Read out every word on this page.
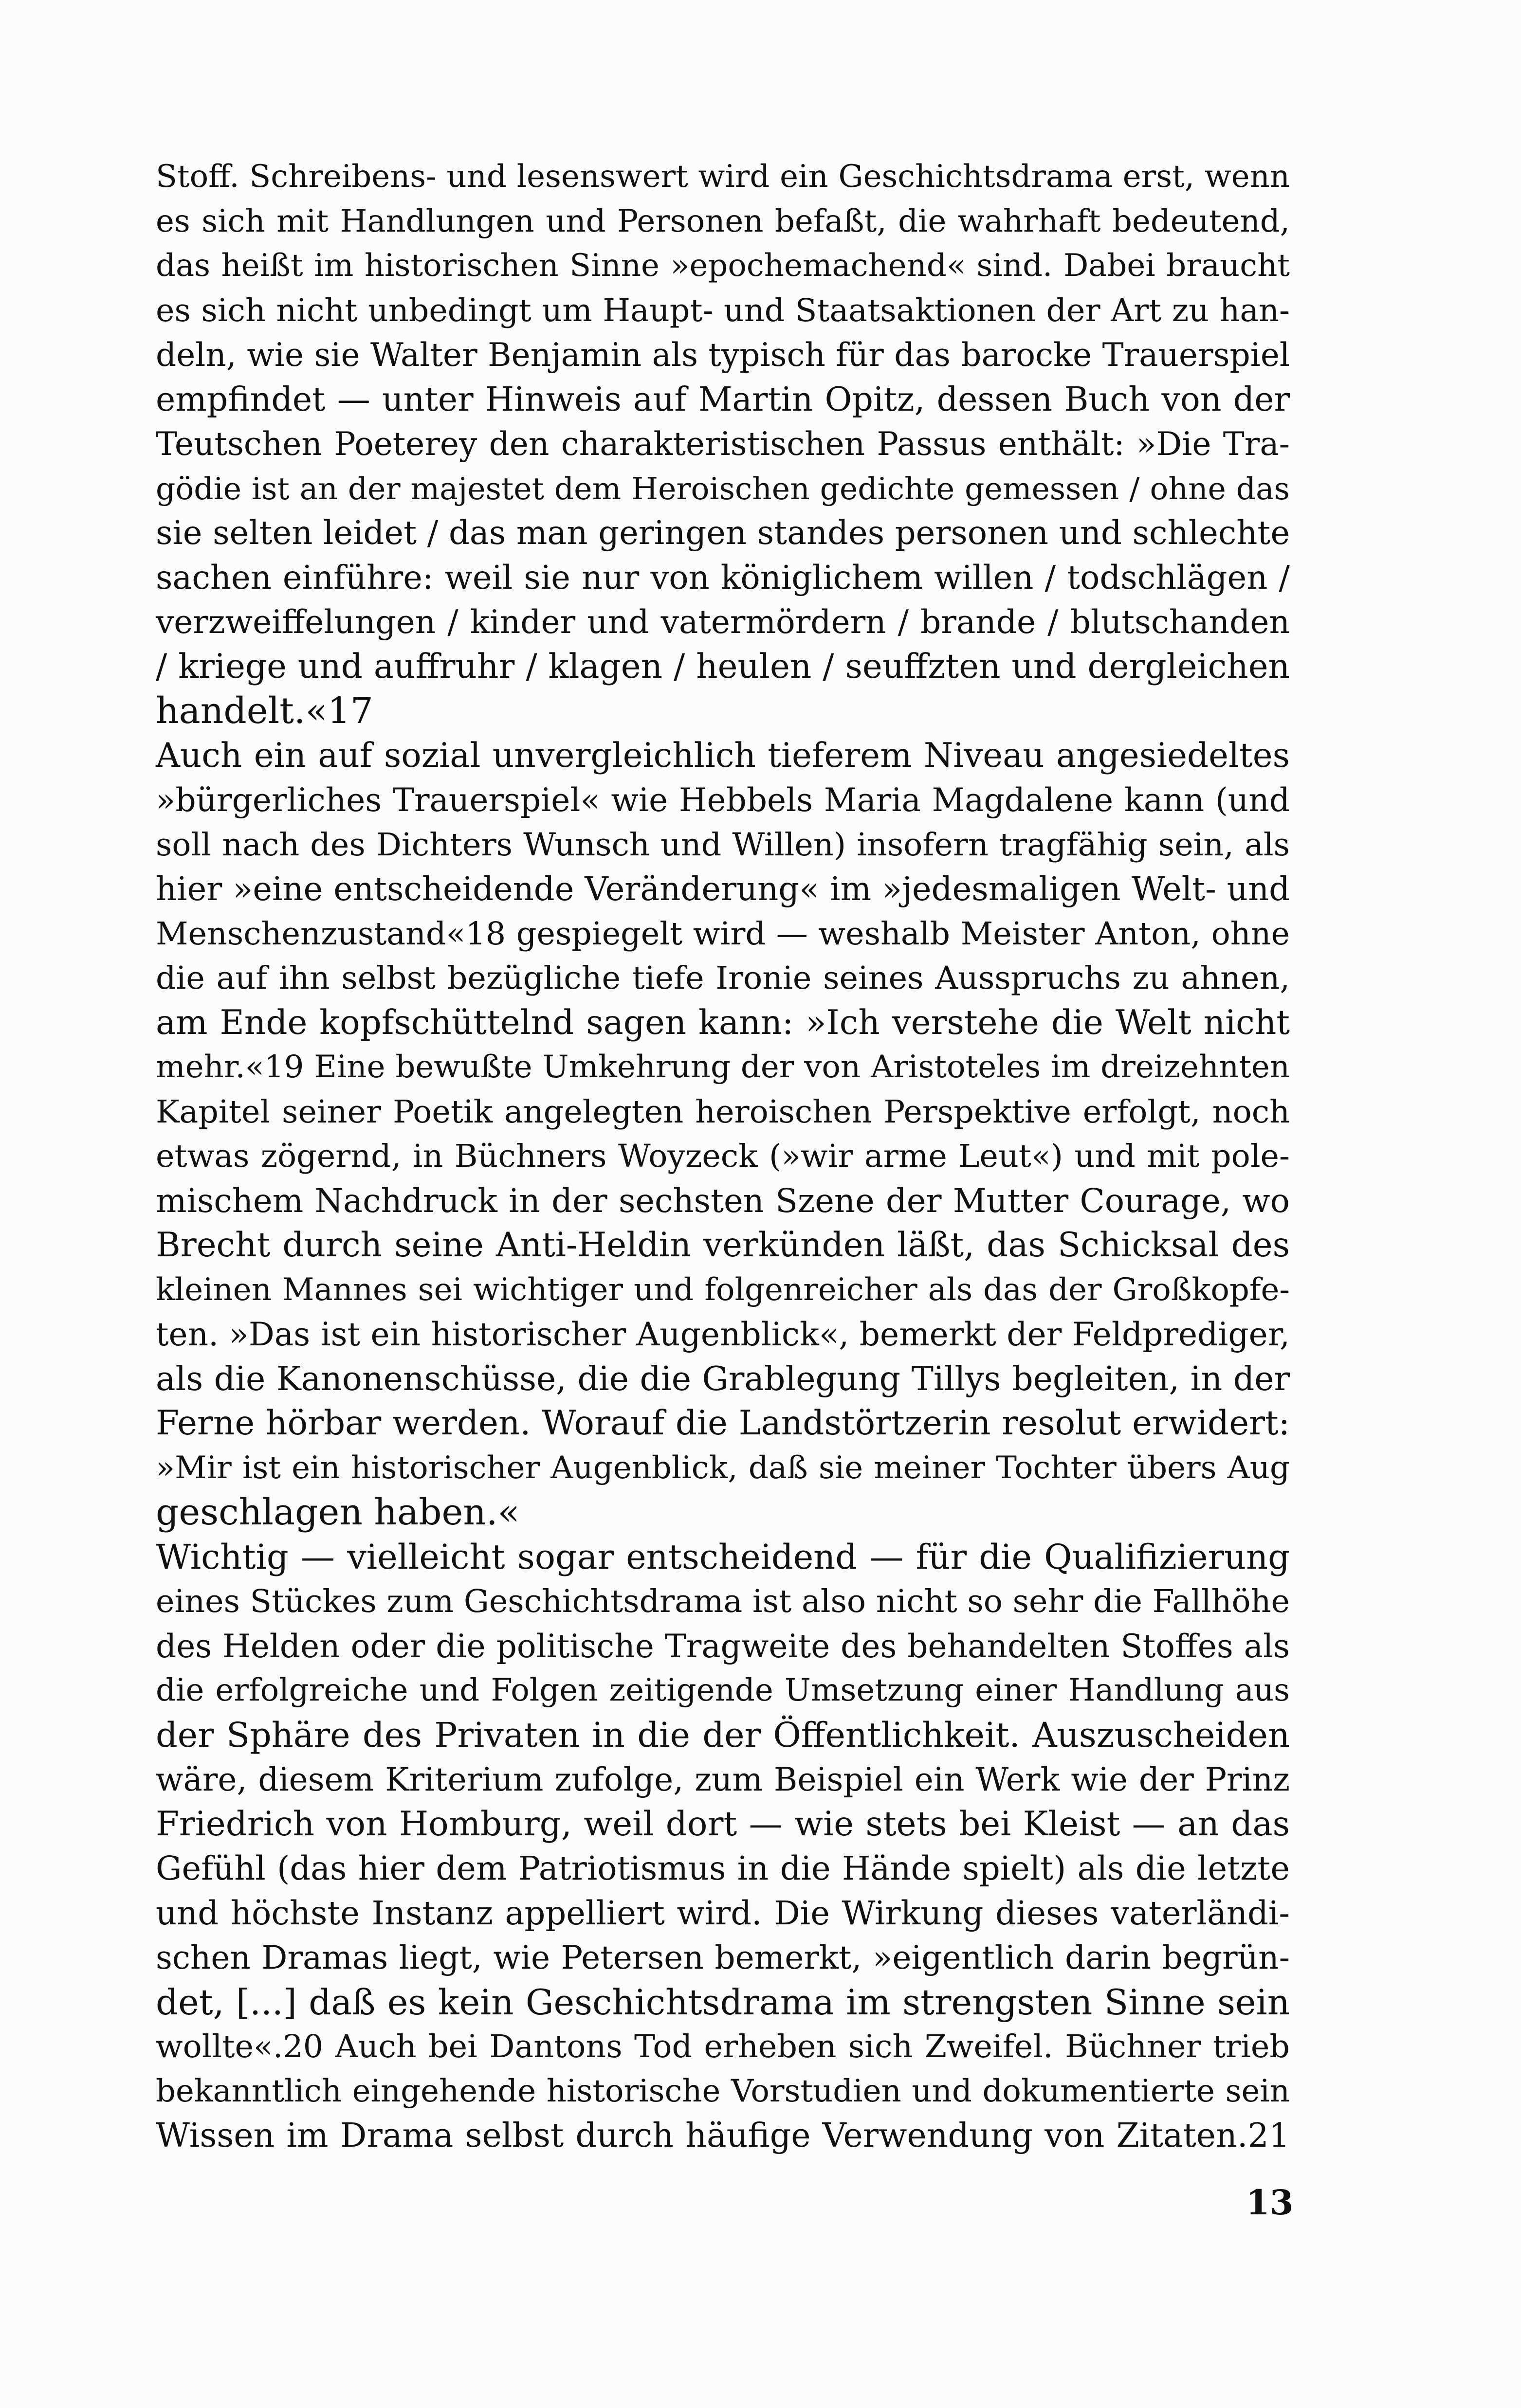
Stoff. Schreibens- und lesenswert wird ein Geschichtsdrama erst, wenn
es sich mit Handlungen und Personen befaßt, die wahrhaft bedeutend,
das heißt im historischen Sinne »epochemachend« sind. Dabei braucht
es sich nicht unbedingt um Haupt- und Staatsaktionen der Art zu han-
deln, wie sie Walter Benjamin als typisch für das barocke Trauerspiel
empfindet — unter Hinweis auf Martin Opitz, dessen Buch von der
Teutschen Poeterey den charakteristischen Passus enthält: »Die Tra-
gödie ist an der majestet dem Heroischen gedichte gemessen / ohne das
sie selten leidet / das man geringen standes personen und schlechte
sachen einführe: weil sie nur von königlichem willen / todschlägen /
verzweiffelungen / kinder und vatermördern / brande / blutschanden
/ kriege und auffruhr / klagen / heulen / seuffzten und dergleichen
handelt.«17
Auch ein auf sozial unvergleichlich tieferem Niveau angesiedeltes
»bürgerliches Trauerspiel« wie Hebbels Maria Magdalene kann (und
soll nach des Dichters Wunsch und Willen) insofern tragfähig sein, als
hier »eine entscheidende Veränderung« im »jedesmaligen Welt- und
Menschenzustand«18 gespiegelt wird — weshalb Meister Anton, ohne
die auf ihn selbst bezügliche tiefe Ironie seines Ausspruchs zu ahnen,
am Ende kopfschüttelnd sagen kann: »Ich verstehe die Welt nicht
mehr.«19 Eine bewußte Umkehrung der von Aristoteles im dreizehnten
Kapitel seiner Poetik angelegten heroischen Perspektive erfolgt, noch
etwas zögernd, in Büchners Woyzeck (»wir arme Leut«) und mit pole-
mischem Nachdruck in der sechsten Szene der Mutter Courage, wo
Brecht durch seine Anti-Heldin verkünden läßt, das Schicksal des
kleinen Mannes sei wichtiger und folgenreicher als das der Großkopfe-
ten. »Das ist ein historischer Augenblick«, bemerkt der Feldprediger,
als die Kanonenschüsse, die die Grablegung Tillys begleiten, in der
Ferne hörbar werden. Worauf die Landstörtzerin resolut erwidert:
»Mir ist ein historischer Augenblick, daß sie meiner Tochter übers Aug
geschlagen haben.«
Wichtig — vielleicht sogar entscheidend — für die Qualifizierung
eines Stückes zum Geschichtsdrama ist also nicht so sehr die Fallhöhe
des Helden oder die politische Tragweite des behandelten Stoffes als
die erfolgreiche und Folgen zeitigende Umsetzung einer Handlung aus
der Sphäre des Privaten in die der Öffentlichkeit. Auszuscheiden
wäre, diesem Kriterium zufolge, zum Beispiel ein Werk wie der Prinz
Friedrich von Homburg, weil dort — wie stets bei Kleist — an das
Gefühl (das hier dem Patriotismus in die Hände spielt) als die letzte
und höchste Instanz appelliert wird. Die Wirkung dieses vaterländi-
schen Dramas liegt, wie Petersen bemerkt, »eigentlich darin begrün-
det, [...] daß es kein Geschichtsdrama im strengsten Sinne sein
wollte«.20 Auch bei Dantons Tod erheben sich Zweifel. Büchner trieb
bekanntlich eingehende historische Vorstudien und dokumentierte sein
Wissen im Drama selbst durch häufige Verwendung von Zitaten.21
13
